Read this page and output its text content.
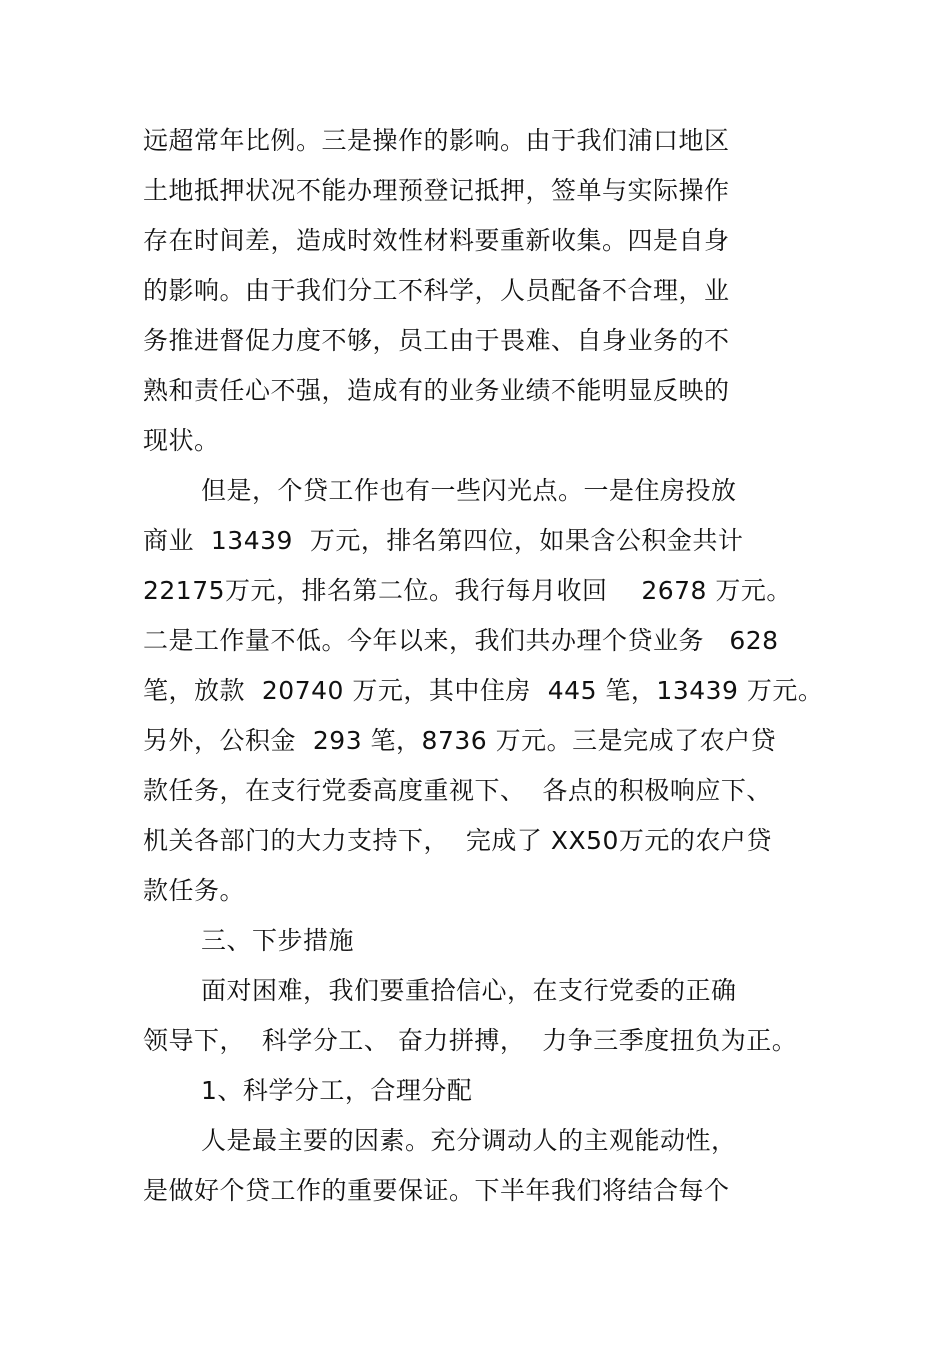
远超常年比例。三是操作的影响。由于我们浦口地区
土地抵押状况不能办理预登记抵押，签单与实际操作
存在时间差，造成时效性材料要重新收集。四是自身
的影响。由于我们分工不科学，人员配备不合理，业
务推进督促力度不够，员工由于畏难、自身业务的不
熟和责任心不强，造成有的业务业绩不能明显反映的
现状。
但是，个贷工作也有一些闪光点。一是住房投放
商业  13439  万元，排名第四位，如果含公积金共计
22175万元，排名第二位。我行每月收回    2678 万元。
二是工作量不低。今年以来，我们共办理个贷业务   628
笔，放款  20740 万元，其中住房  445 笔，13439 万元。
另外，公积金  293 笔，8736 万元。三是完成了农户贷
款任务，在支行党委高度重视下、  各点的积极响应下、
机关各部门的大力支持下，  完成了 XX50万元的农户贷
款任务。
三、下步措施
面对困难，我们要重拾信心，在支行党委的正确
领导下，  科学分工、 奋力拼搏，  力争三季度扭负为正。
1、科学分工，合理分配
人是最主要的因素。充分调动人的主观能动性，
是做好个贷工作的重要保证。下半年我们将结合每个
